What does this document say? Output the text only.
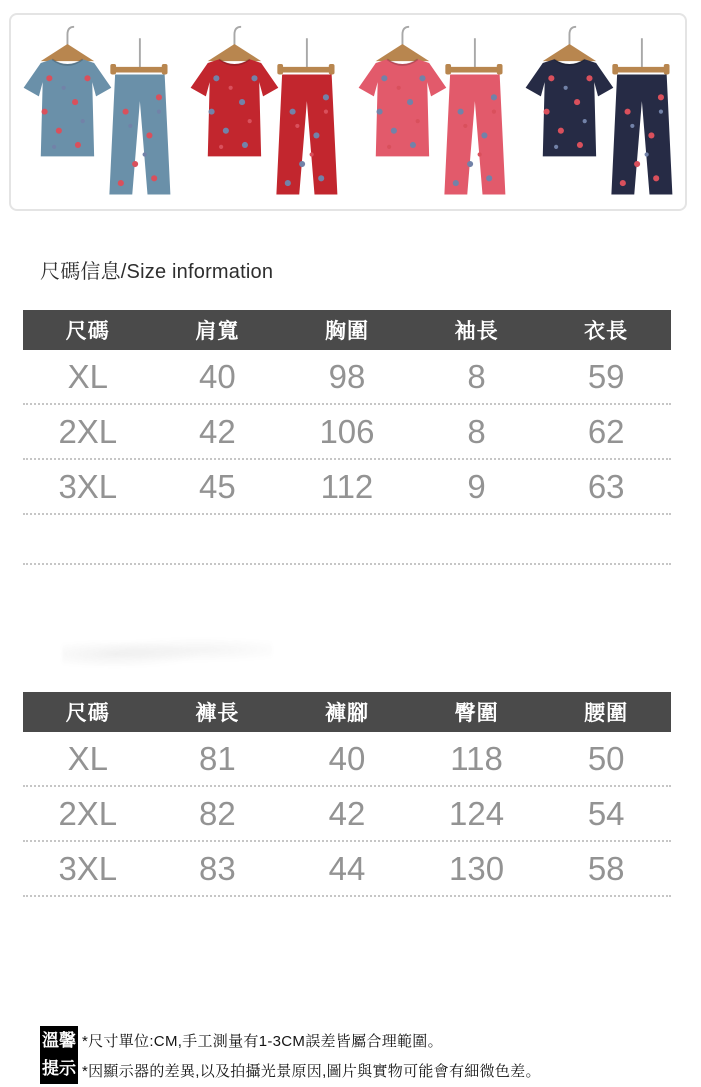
尺碼信息/Size information
尺碼	肩寬	胸圍	袖長	衣長
XL	40	98	8	59
2XL	42	106	8	62
3XL	45	112	9	63
尺碼	褲長	褲腳	臀圍	腰圍
XL	81	40	118	50
2XL	82	42	124	54
3XL	83	44	130	58
溫馨
提示
*尺寸單位:CM,手工測量有1-3CM誤差皆屬合理範圍。
*因顯示器的差異,以及拍攝光景原因,圖片與實物可能會有細微色差。
